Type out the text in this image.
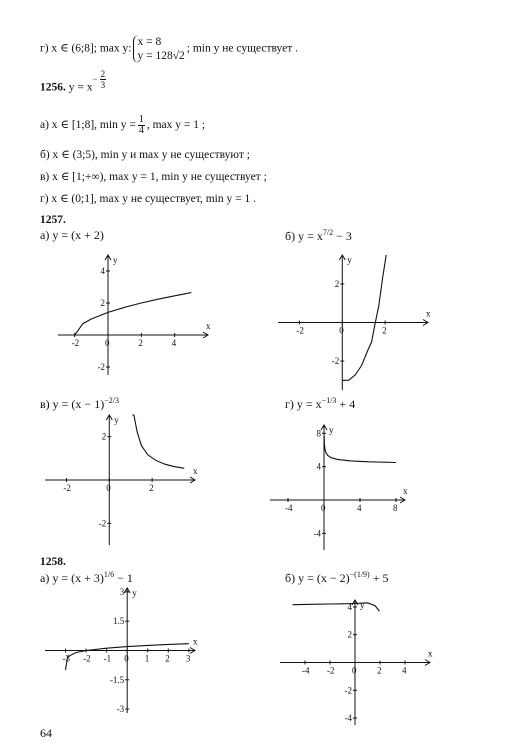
г) x ∈ (6;8]; max y:
x = 8
y = 128√2
; min y не существует .
1256. $y = x^{- \frac{2}{3}}$
а) x ∈ [1;8], $\min y = \frac{1}{4}$ , max y = 1 ;
б) x ∈ (3;5), min y и max y не существуют ;
в) x ∈ [1;+∞), max y = 1, min y не существует ;
г) x ∈ (0;1], max y не существует, min y = 1 .
1257.
1258.
а) y = (x + 2)	б) $y = x^{7/2} - 3$
в) $y = (x - 1)^{-2/3}$	г) $y = x^{-1/3} + 4$
а) $y = (x + 3)^{1/6} - 1$	б) $y = (x - 2)^{-(1/9)} + 5$
x
y
-2	0	2	4
-2
2
4
x
y
-2	0	2
-2
2
x
y
-2	0	2
-2
2
x
y
-4	0	4	8
-4
4
8
x
y
-3 -2 -1 0 1 2 3
-3
-1.5
1.5
3
x
y
-4 -2 0 2 4
-4
-2
2
4
64
